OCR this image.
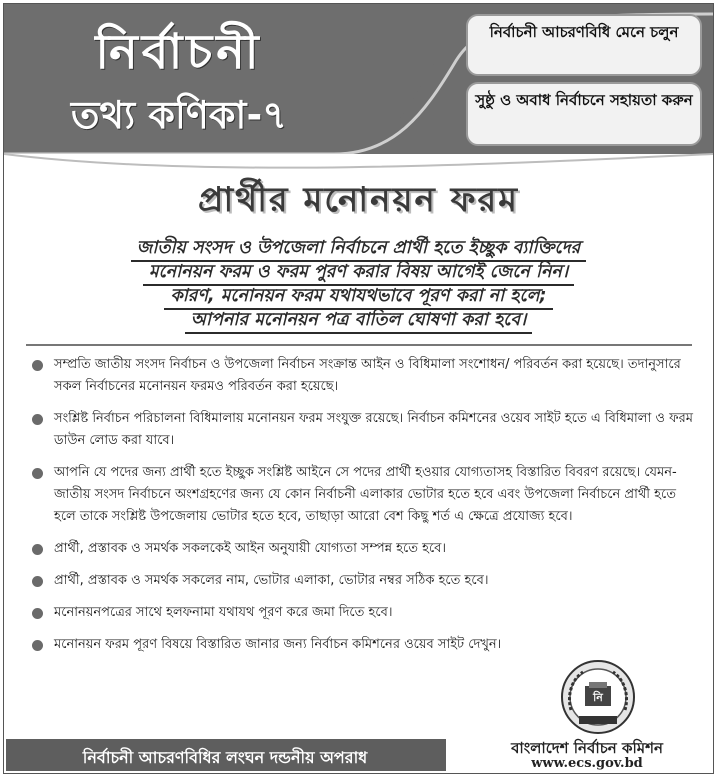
নির্বাচনী
তথ্য কণিকা-৭
নির্বাচনী আচরণবিধি মেনে চলুন
সুষ্ঠু ও অবাধ নির্বাচনে সহায়তা করুন
প্রার্থীর মনোনয়ন ফরম
জাতীয় সংসদ ও উপজেলা নির্বাচনে প্রার্থী হতে ইচ্ছুক ব্যাক্তিদের
মনোনয়ন ফরম ও ফরম পুরণ করার বিষয় আগেই জেনে নিন।
কারণ, মনোনয়ন ফরম যথাযথভাবে পূরণ করা না হলে;
আপনার মনোনয়ন পত্র বাতিল ঘোষণা করা হবে।
সম্প্রতি জাতীয় সংসদ নির্বাচন ও উপজেলা নির্বাচন সংক্রান্ত আইন ও বিধিমালা সংশোধন/ পরিবর্তন করা হয়েছে। তদানুসারে সকল নির্বাচনের মনোনয়ন ফরমও পরিবর্তন করা হয়েছে।
সংশ্লিষ্ট নির্বাচন পরিচালনা বিধিমালায় মনোনয়ন ফরম সংযুক্ত রয়েছে। নির্বাচন কমিশনের ওয়েব সাইট হতে এ বিধিমালা ও ফরম ডাউন লোড করা যাবে।
আপনি যে পদের জন্য প্রার্থী হতে ইচ্ছুক সংশ্লিষ্ট আইনে সে পদের প্রার্থী হওয়ার যোগ্যতাসহ বিস্তারিত বিবরণ রয়েছে। যেমন- জাতীয় সংসদ নির্বাচনে অংশগ্রহণের জন্য যে কোন নির্বাচনী এলাকার ভোটার হতে হবে এবং উপজেলা নির্বাচনে প্রার্থী হতে হলে তাকে সংশ্লিষ্ট উপজেলায় ভোটার হতে হবে, তাছাড়া আরো বেশ কিছু শর্ত এ ক্ষেত্রে প্রযোজ্য হবে।
প্রার্থী, প্রস্তাবক ও সমর্থক সকলকেই আইন অনুযায়ী যোগ্যতা সম্পন্ন হতে হবে।
প্রার্থী, প্রস্তাবক ও সমর্থক সকলের নাম, ভোটার এলাকা, ভোটার নম্বর সঠিক হতে হবে।
মনোনয়নপত্রের সাথে হলফনামা যথাযথ পূরণ করে জমা দিতে হবে।
মনোনয়ন ফরম পূরণ বিষয়ে বিস্তারিত জানার জন্য নির্বাচন কমিশনের ওয়েব সাইট দেখুন।
নি
বাংলাদেশ নির্বাচন কমিশন
www.ecs.gov.bd
নির্বাচনী আচরণবিধির লংঘন দন্ডনীয় অপরাধ
